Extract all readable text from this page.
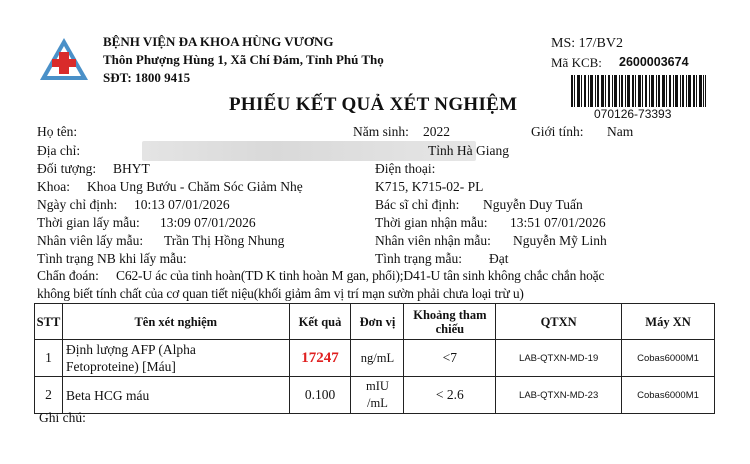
BỆNH VIỆN ĐA KHOA HÙNG VƯƠNG
Thôn Phượng Hùng 1, Xã Chí Đám, Tỉnh Phú Thọ
SĐT: 1800 9415
MS: 17/BV2
Mã KCB: 2600003674
070126-73393
PHIẾU KẾT QUẢ XÉT NGHIỆM
Họ tên:	Năm sinh: 2022	Giới tính: Nam
Địa chỉ:	Tỉnh Hà Giang
Đối tượng: BHYT	Điện thoại:
Khoa: Khoa Ung Bướu - Chăm Sóc Giảm Nhẹ	K715, K715-02- PL
Ngày chỉ định: 10:13 07/01/2026	Bác sĩ chỉ định: Nguyễn Duy Tuấn
Thời gian lấy mẫu: 13:09 07/01/2026	Thời gian nhận mẫu: 13:51 07/01/2026
Nhân viên lấy mẫu: Trần Thị Hồng Nhung	Nhân viên nhận mẫu: Nguyễn Mỹ Linh
Tình trạng NB khi lấy mẫu:	Tình trạng mẫu: Đạt
Chẩn đoán: C62-U ác của tinh hoàn(TD K tinh hoàn M gan, phổi);D41-U tân sinh không chắc chắn hoặc
không biết tính chất của cơ quan tiết niệu(khối giảm âm vị trí mạn sườn phải chưa loại trừ u)
STT	Tên xét nghiệm	Kết quả	Đơn vị	Khoảng tham
chiếu	QTXN	Máy XN
1	Định lượng AFP (Alpha
Fetoproteine) [Máu]	17247	ng/mL	<7	LAB-QTXN-MD-19	Cobas6000M1
2	Beta HCG máu	0.100	mIU
/mL	< 2.6	LAB-QTXN-MD-23	Cobas6000M1
Ghi chú:
